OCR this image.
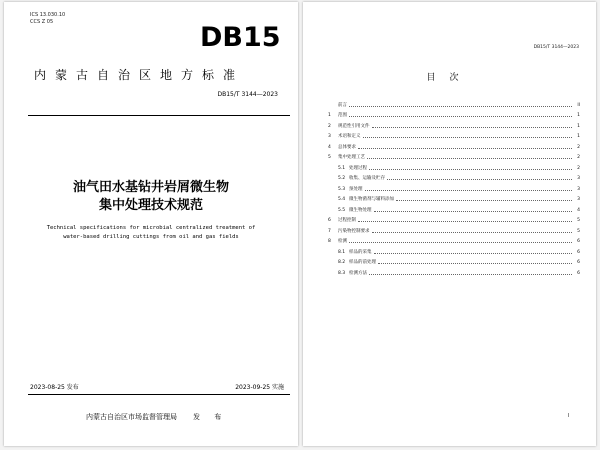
ICS 13.030.10
CCS Z 05	DB15
内蒙古自治区地方标准
DB15/T 3144—2023
油气田水基钻井岩屑微生物
集中处理技术规范
Technical specifications for microbial centralized treatment of
water-based drilling cuttings from oil and gas fields
2023-08-25 发布	2023-09-25 实施
内蒙古自治区市场监督管理局 发 布
DB15/T 3144—2023
目次
前言	II
1	范围	1
2	规范性引用文件	1
3	术语和定义	1
4	总体要求	2
5	集中处理工艺	2
5.1 处理过程	2
5.2 收集、运输及贮存	3
5.3 预处理	3
5.4 微生物菌剂与辅料添加	3
5.5 微生物处理	4
6	过程控制	5
7	污染物控制要求	5
8	检测	6
8.1 样品的采集	6
8.2 样品的前处理	6
8.3 检测方法	6
I
